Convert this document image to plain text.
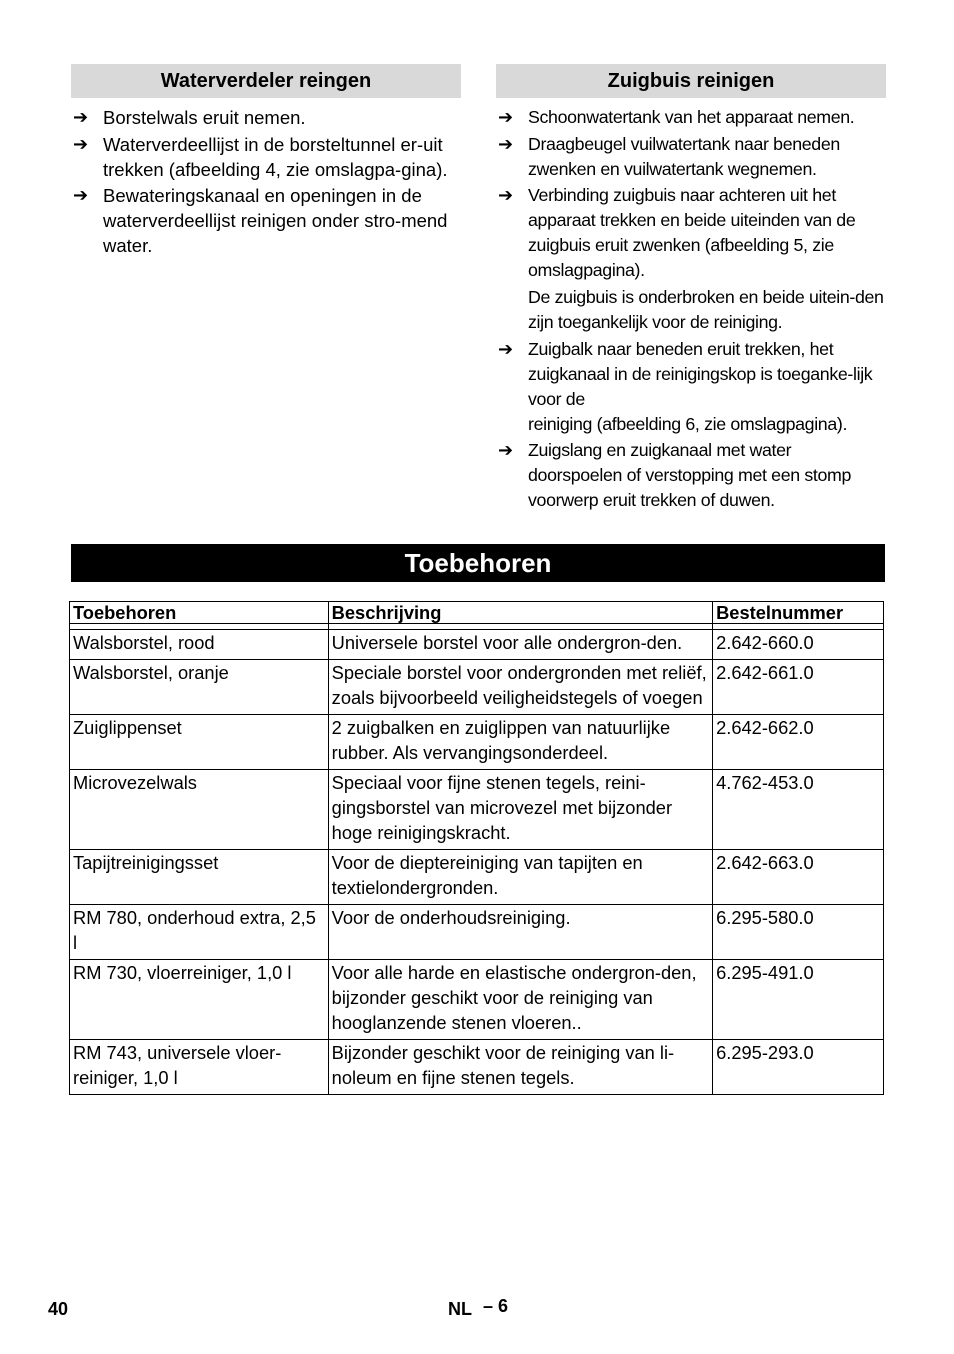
Waterverdeler reingen
➔ Borstelwals eruit nemen.
➔ Waterverdeellijst in de borsteltunnel er-uit trekken (afbeelding 4, zie omslagpa-gina).
➔ Bewateringskanaal en openingen in de waterverdeellijst reinigen onder stro-mend water.
Zuigbuis reinigen
➔ Schoonwatertank van het apparaat nemen.
➔ Draagbeugel vuilwatertank naar beneden zwenken en vuilwatertank wegnemen.
➔ Verbinding zuigbuis naar achteren uit het apparaat trekken en beide uiteinden van de zuigbuis eruit zwenken (afbeelding 5, zie omslagpagina).
De zuigbuis is onderbroken en beide uitein-den zijn toegankelijk voor de reiniging.
➔ Zuigbalk naar beneden eruit trekken, het zuigkanaal in de reinigingskop is toeganke-lijk voor de
reiniging (afbeelding 6, zie omslagpagina).
➔ Zuigslang en zuigkanaal met water doorspoelen of verstopping met een stomp voorwerp eruit trekken of duwen.
Toebehoren
Toebehoren	Beschrijving	Bestelnummer

Walsborstel, rood	Universele borstel voor alle ondergron-den.	2.642-660.0
Walsborstel, oranje	Speciale borstel voor ondergronden met reliëf, zoals bijvoorbeeld veiligheidstegels of voegen	2.642-661.0
Zuiglippenset	2 zuigbalken en zuiglippen van natuurlijke rubber. Als vervangingsonderdeel.	2.642-662.0
Microvezelwals	Speciaal voor fijne stenen tegels, reini-gingsborstel van microvezel met bijzonder hoge reinigingskracht.	4.762-453.0
Tapijtreinigingsset	Voor de dieptereiniging van tapijten en textielondergronden.	2.642-663.0
RM 780, onderhoud extra, 2,5 l	Voor de onderhoudsreiniging.	6.295-580.0
RM 730, vloerreiniger, 1,0 l	Voor alle harde en elastische ondergron-den, bijzonder geschikt voor de reiniging van hooglanzende stenen vloeren..	6.295-491.0
RM 743, universele vloer-reiniger, 1,0 l	Bijzonder geschikt voor de reiniging van li-noleum en fijne stenen tegels.	6.295-293.0
40	NL – 6
